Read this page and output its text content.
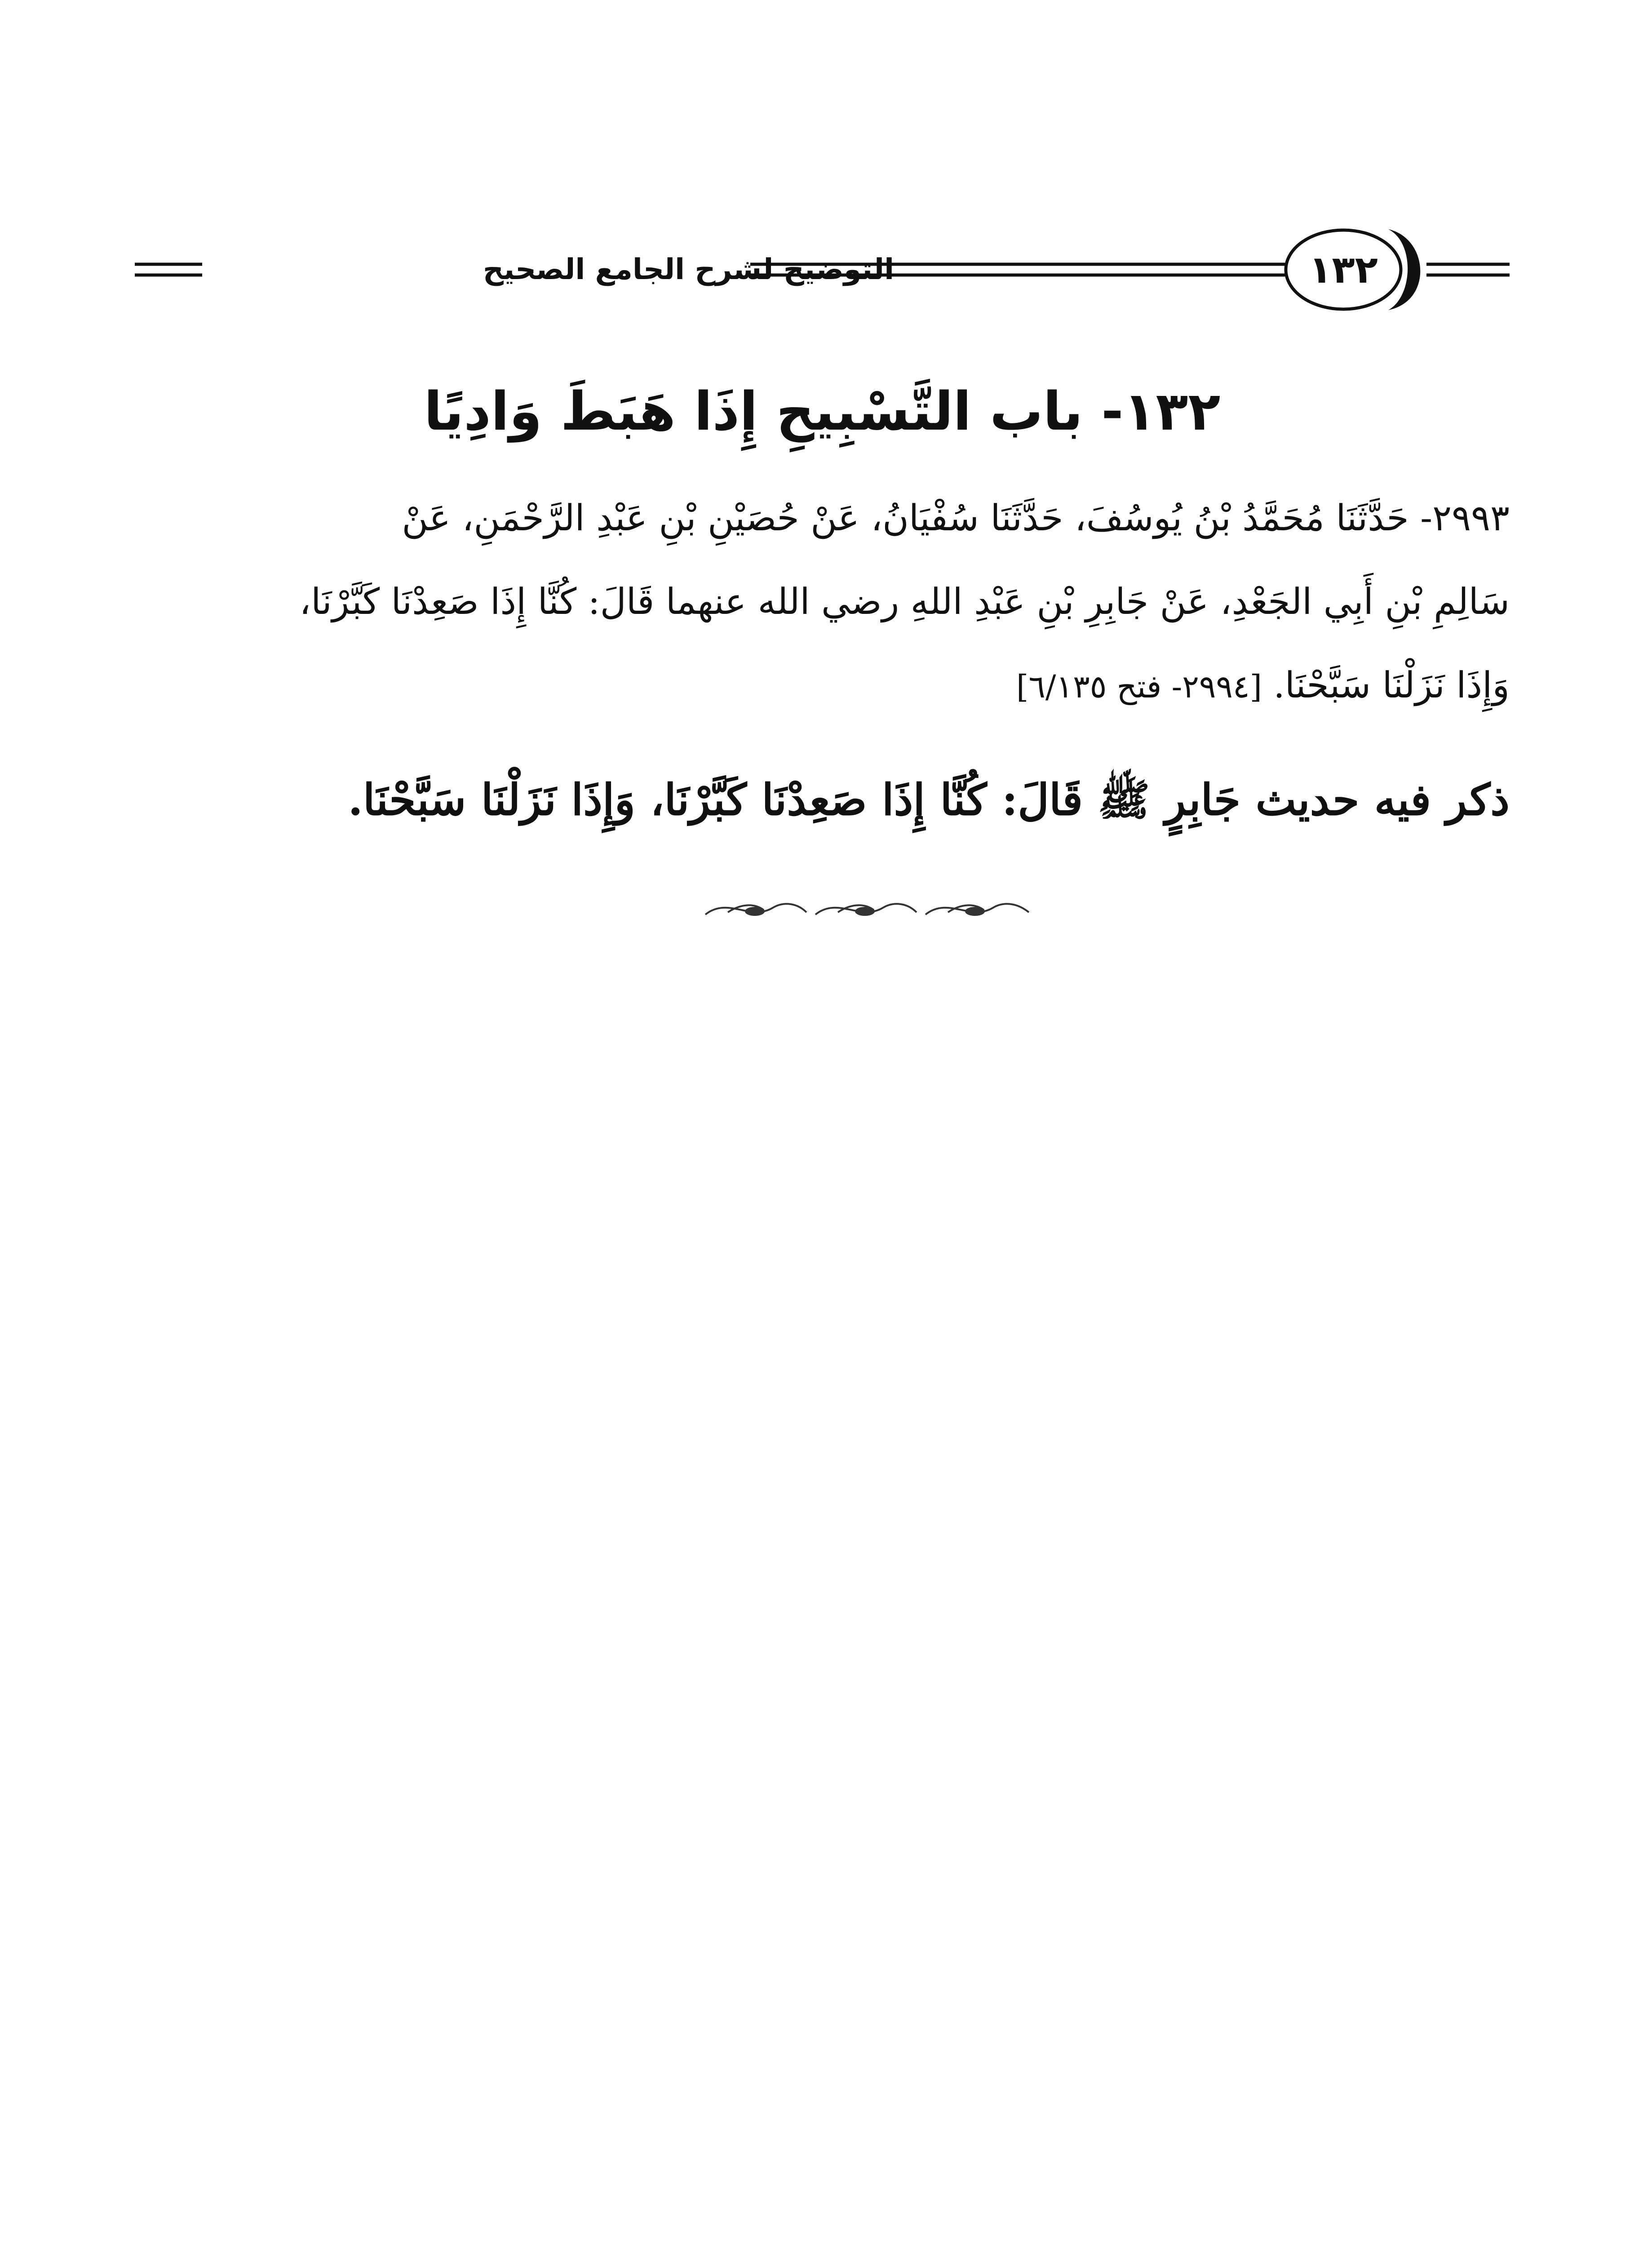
التوضيح لشرح الجامع الصحيح	١٣٢
١٣٢- باب التَّسْبِيحِ إِذَا هَبَطَ وَادِيًا
٢٩٩٣- حَدَّثَنَا مُحَمَّدُ بْنُ يُوسُفَ، حَدَّثَنَا سُفْيَانُ، عَنْ حُصَيْنِ بْنِ عَبْدِ الرَّحْمَنِ، عَنْ
سَالِمِ بْنِ أَبِي الجَعْدِ، عَنْ جَابِرِ بْنِ عَبْدِ اللهِ رضي الله عنهما قَالَ: كُنَّا إِذَا صَعِدْنَا كَبَّرْنَا،
وَإِذَا نَزَلْنَا سَبَّحْنَا. [٢٩٩٤- فتح ٦/١٣٥]
ذكر فيه حديث جَابِرٍ ﷺ قَالَ: كُنَّا إِذَا صَعِدْنَا كَبَّرْنَا، وَإِذَا نَزَلْنَا سَبَّحْنَا.
